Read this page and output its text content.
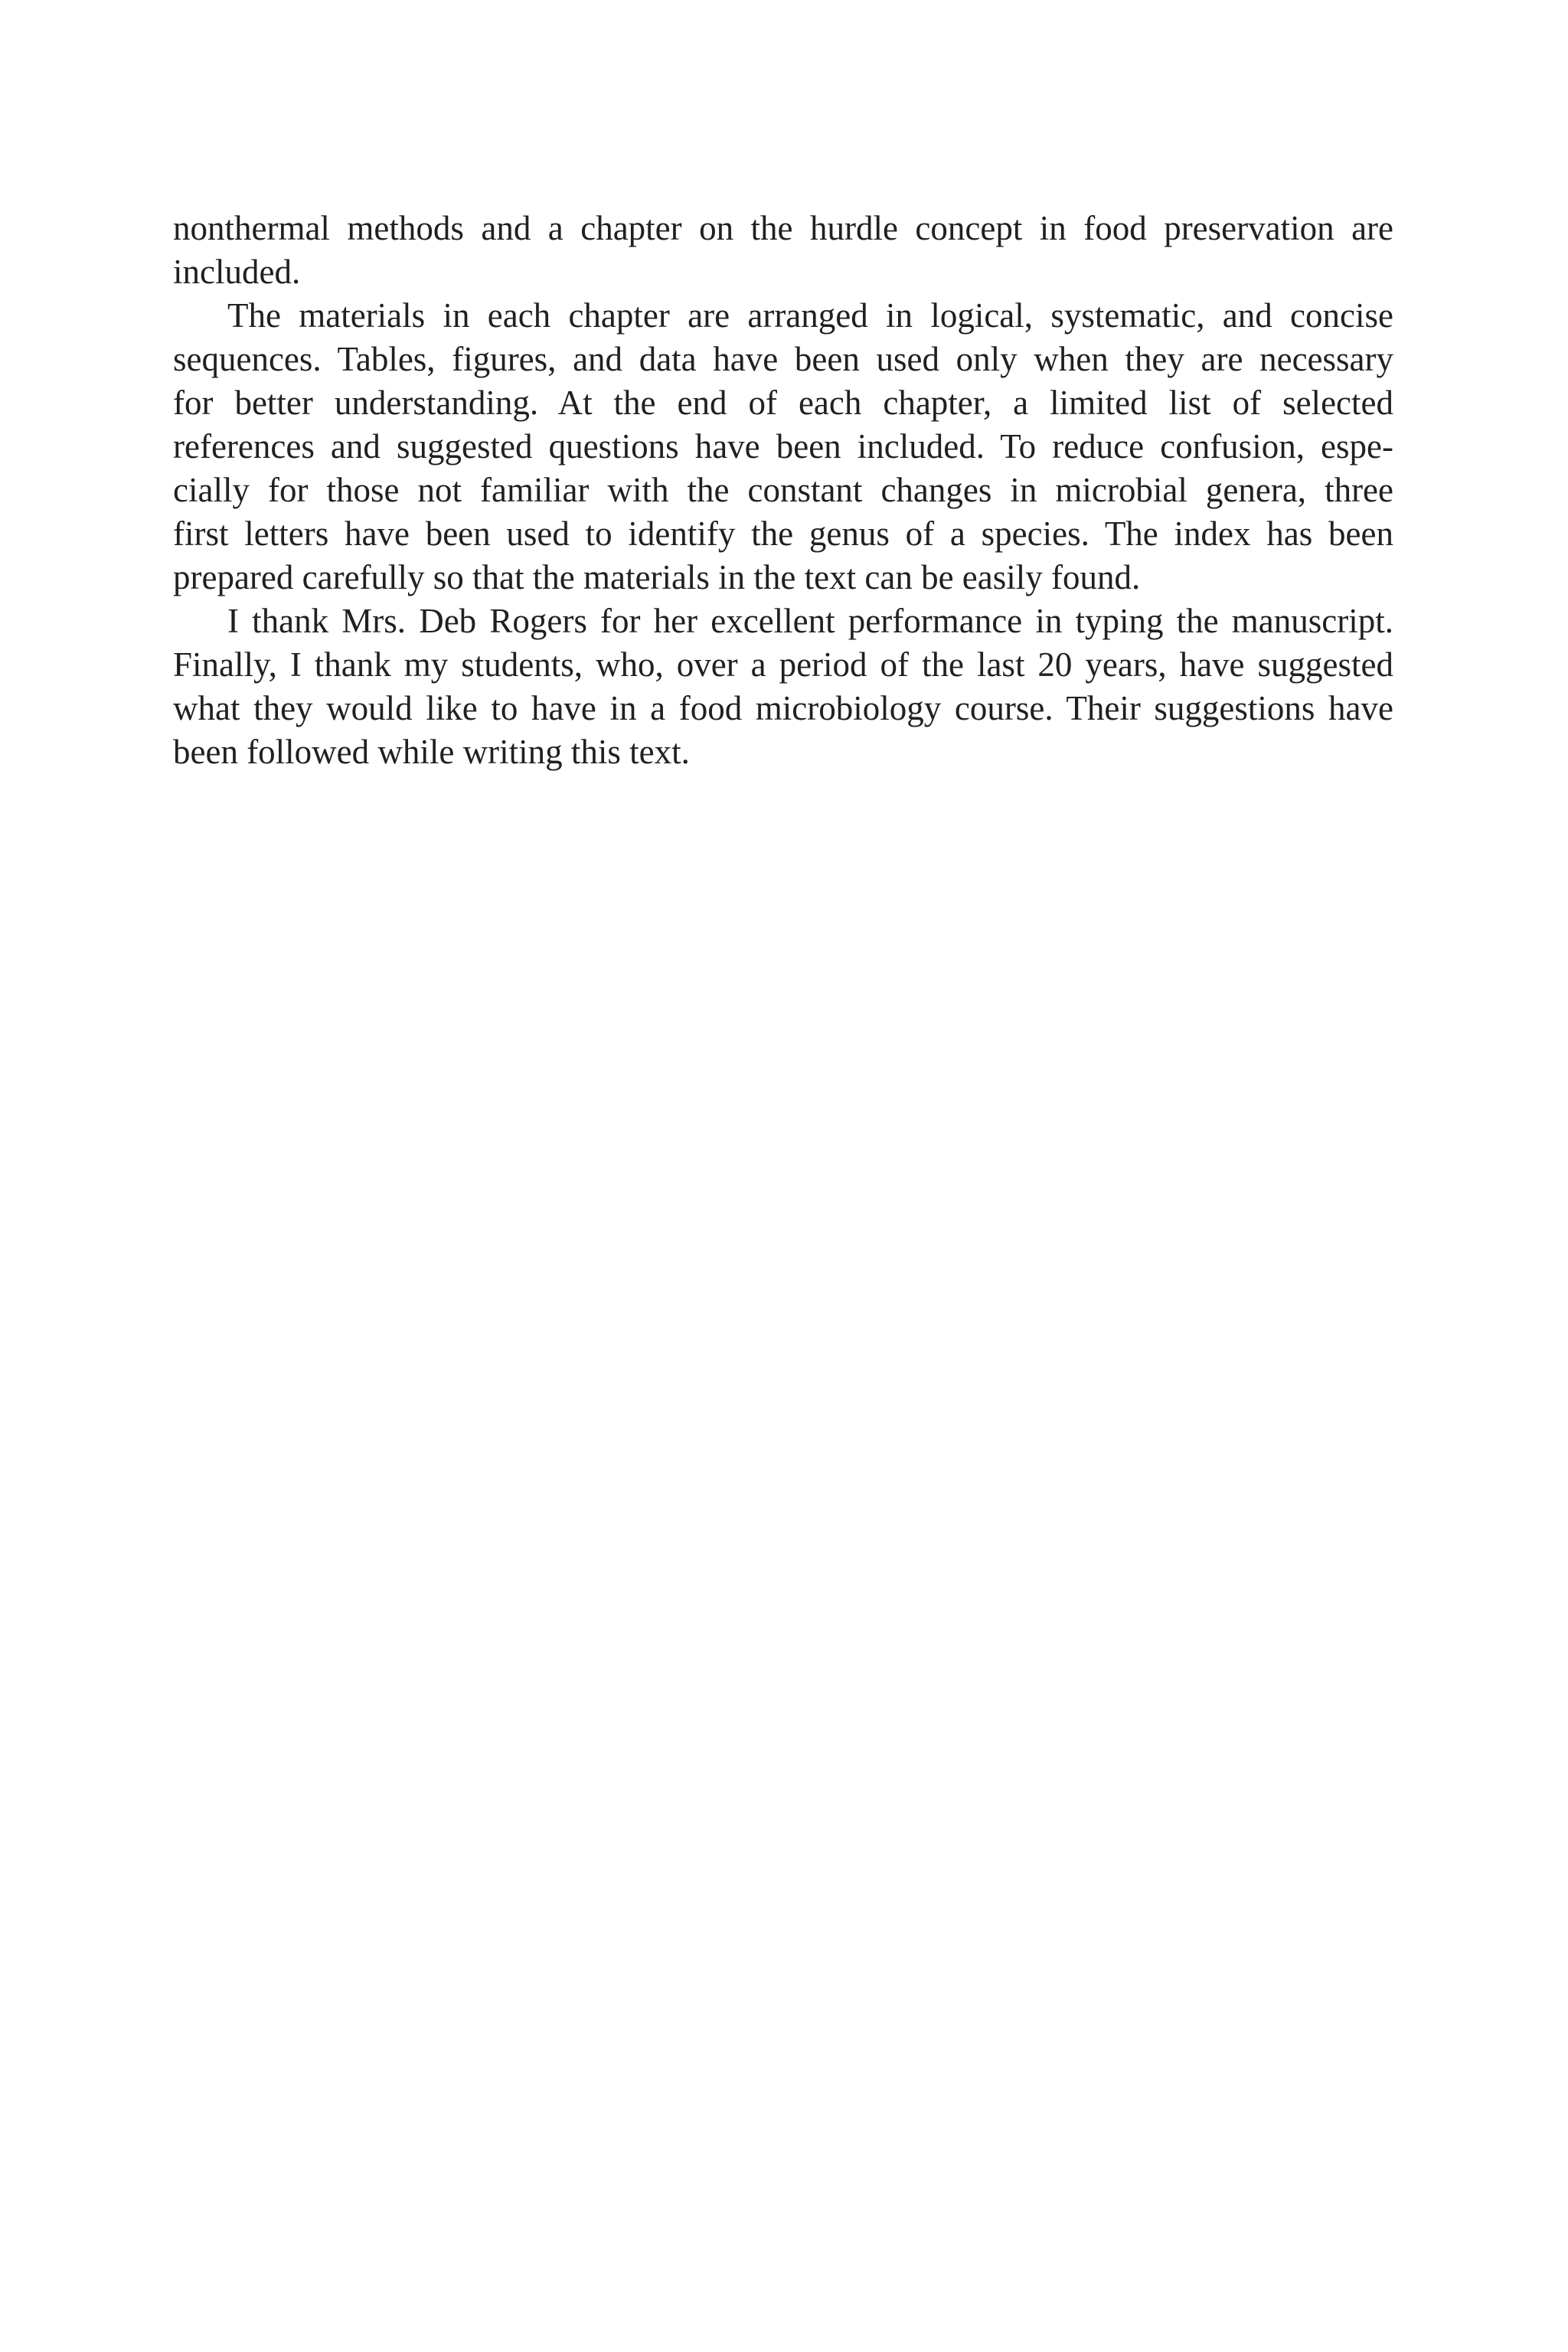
nonthermal methods and a chapter on the hurdle concept in food preservation are
included.

The materials in each chapter are arranged in logical, systematic, and concise
sequences. Tables, figures, and data have been used only when they are necessary
for better understanding. At the end of each chapter, a limited list of selected
references and suggested questions have been included. To reduce confusion, espe-
cially for those not familiar with the constant changes in microbial genera, three
first letters have been used to identify the genus of a species. The index has been
prepared carefully so that the materials in the text can be easily found.

I thank Mrs. Deb Rogers for her excellent performance in typing the manuscript.
Finally, I thank my students, who, over a period of the last 20 years, have suggested
what they would like to have in a food microbiology course. Their suggestions have
been followed while writing this text.
